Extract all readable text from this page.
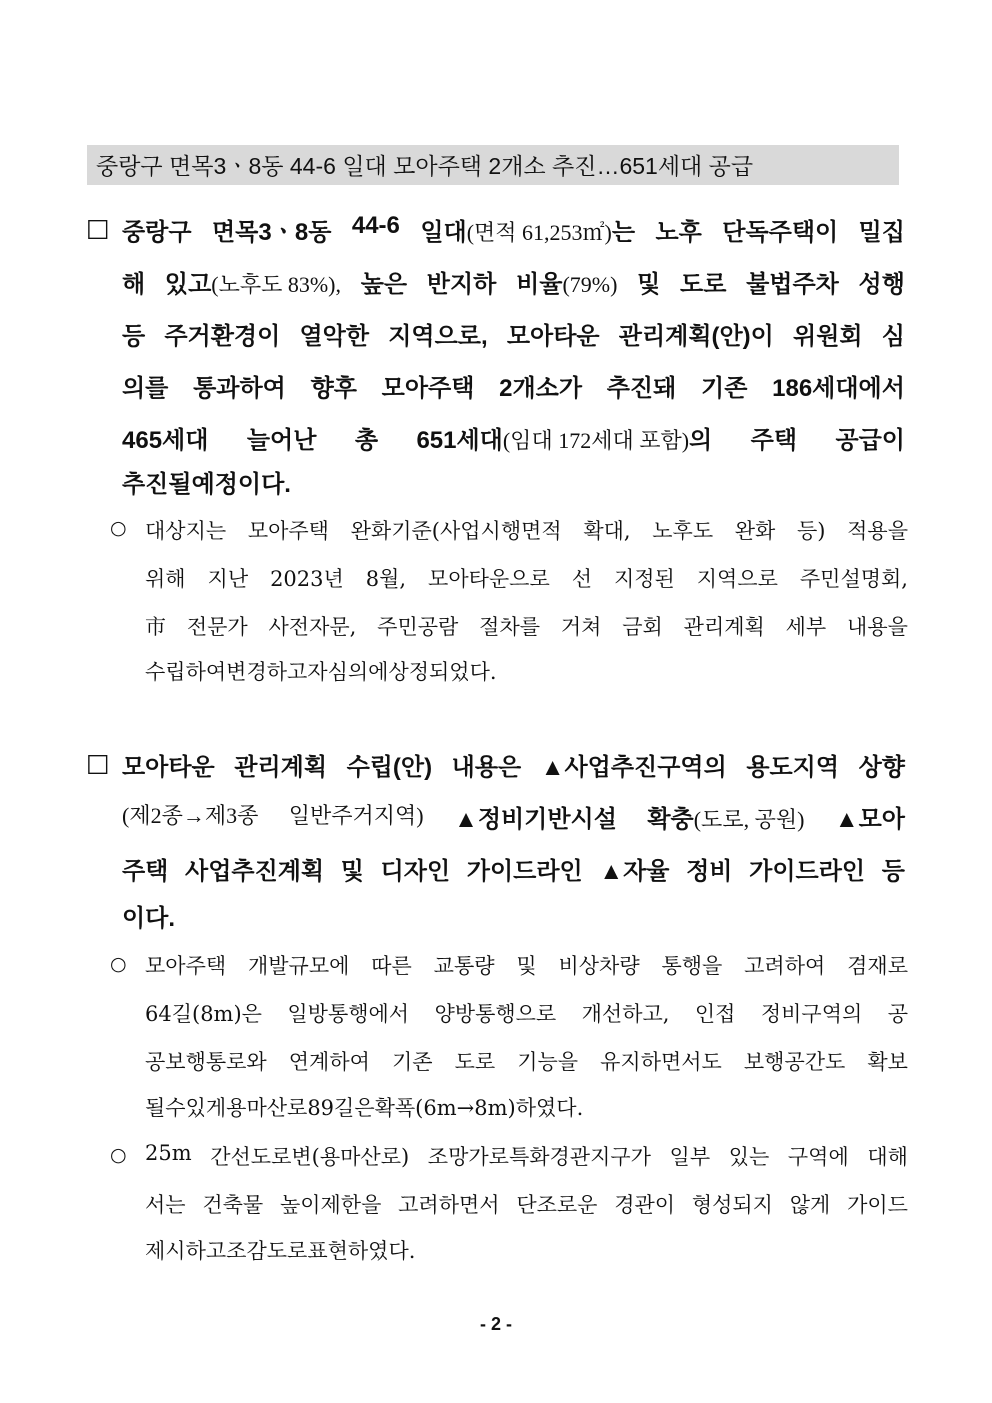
중랑구 면목3ㆍ8동 44-6 일대 모아주택 2개소 추진…651세대 공급
□ 중랑구 면목3ㆍ8동 44-6 일대(면적 61,253㎡)는 노후 단독주택이 밀집
해 있고(노후도 83%), 높은 반지하 비율(79%) 및 도로 불법주차 성행
등 주거환경이 열악한 지역으로, 모아타운 관리계획(안)이 위원회 심
의를 통과하여 향후 모아주택 2개소가 추진돼 기존 186세대에서
465세대 늘어난 총 651세대(임대 172세대 포함)의 주택 공급이
추진될 예정이다.
○ 대상지는 모아주택 완화기준(사업시행면적 확대, 노후도 완화 등) 적용을
위해 지난 2023년 8월, 모아타운으로 선 지정된 지역으로 주민설명회,
市 전문가 사전자문, 주민공람 절차를 거쳐 금회 관리계획 세부 내용을
수립하여 변경하고자 심의에 상정되었다.
□ 모아타운 관리계획 수립(안) 내용은 ▲사업추진구역의 용도지역 상향
(제2종→제3종 일반주거지역) ▲정비기반시설 확충(도로, 공원) ▲모아
주택 사업추진계획 및 디자인 가이드라인 ▲자율 정비 가이드라인 등
이다.
○ 모아주택 개발규모에 따른 교통량 및 비상차량 통행을 고려하여 겸재로
64길(8m)은 일방통행에서 양방통행으로 개선하고, 인접 정비구역의 공
공보행통로와 연계하여 기존 도로 기능을 유지하면서도 보행공간도 확보
될 수 있게 용마산로89길은 확폭(6m→8m) 하였다.
○ 25m 간선도로변(용마산로) 조망가로특화경관지구가 일부 있는 구역에 대해
서는 건축물 높이제한을 고려하면서 단조로운 경관이 형성되지 않게 가이드
제시하고 조감도로 표현하였다.
- 2 -
